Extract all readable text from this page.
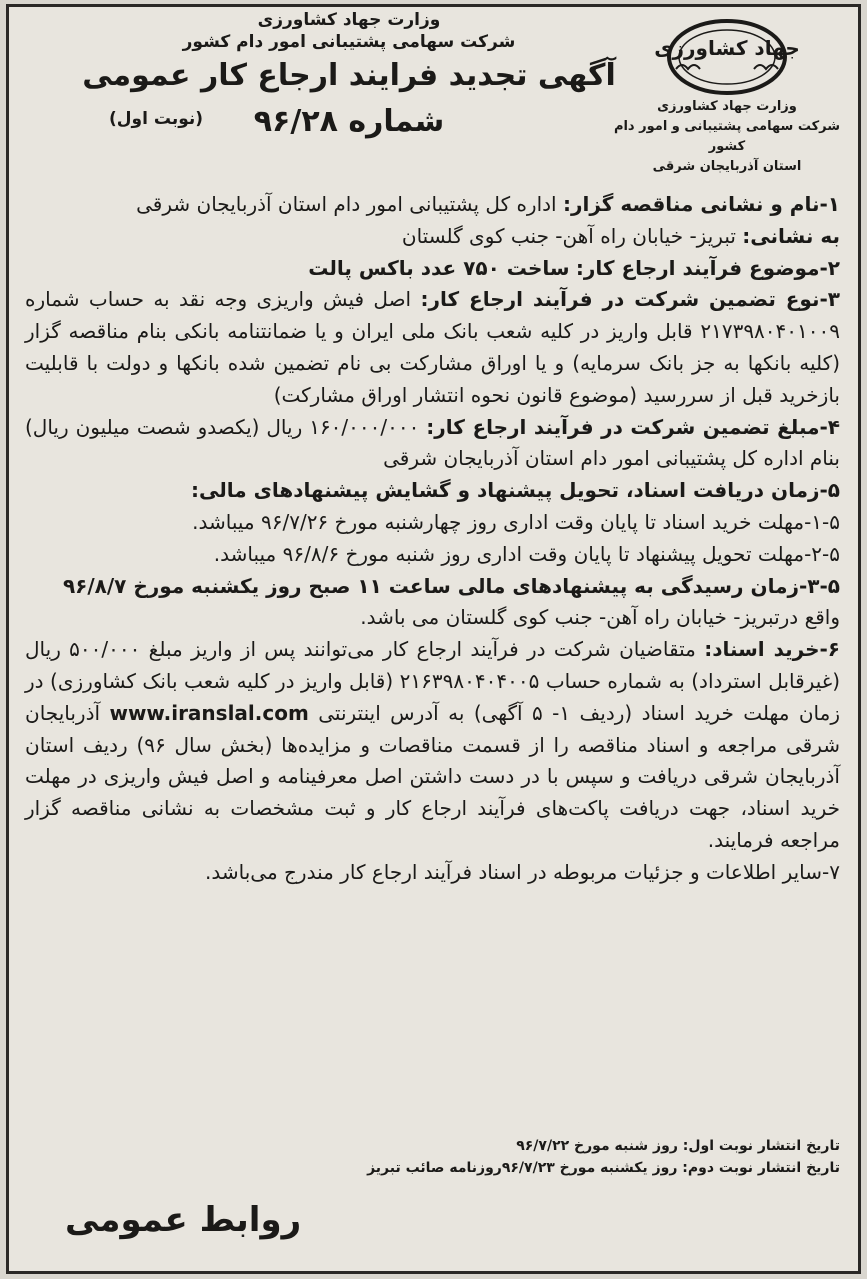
جهاد کشاورزی
وزارت جهاد کشاورزی
شرکت سهامی پشتیبانی و امور دام کشور
استان آذربایجان شرقی
وزارت جهاد کشاورزی
شرکت سهامی پشتیبانی امور دام کشور
آگهی تجدید فرایند ارجاع کار عمومی
شماره ۹۶/۲۸
(نوبت اول)

۱-نام و نشانی مناقصه گزار: اداره کل پشتیبانی امور دام استان آذربایجان شرقی

به نشانی: تبریز- خیابان راه آهن- جنب کوی گلستان

۲-موضوع فرآیند ارجاع کار: ساخت ۷۵۰ عدد باکس پالت

۳-نوع تضمین شرکت در فرآیند ارجاع کار: اصل فیش واریزی وجه نقد به حساب شماره ۲۱۷۳۹۸۰۴۰۱۰۰۹ قابل واریز در کلیه شعب بانک ملی ایران و یا ضمانتنامه بانکی بنام مناقصه گزار (کلیه بانکها به جز بانک سرمایه) و یا اوراق مشارکت بی نام تضمین شده بانکها و دولت با قابلیت بازخرید قبل از سررسید (موضوع قانون نحوه انتشار اوراق مشارکت)

۴-مبلغ تضمین شرکت در فرآیند ارجاع کار: ۱۶۰/۰۰۰/۰۰۰ ریال (یکصدو شصت میلیون ریال) بنام اداره کل پشتیبانی امور دام استان آذربایجان شرقی

۵-زمان دریافت اسناد، تحویل پیشنهاد و گشایش پیشنهادهای مالی:

۱-۵-مهلت خرید اسناد تا پایان وقت اداری روز چهارشنبه مورخ ۹۶/۷/۲۶ میباشد.

۲-۵-مهلت تحویل پیشنهاد تا پایان وقت اداری روز شنبه مورخ ۹۶/۸/۶ میباشد.

۳-۵-زمان رسیدگی به پیشنهادهای مالی ساعت ۱۱ صبح روز یکشنبه مورخ ۹۶/۸/۷

واقع درتبریز- خیابان راه آهن- جنب کوی گلستان می باشد.

۶-خرید اسناد: متقاضیان شرکت در فرآیند ارجاع کار می‌توانند پس از واریز مبلغ ۵۰۰/۰۰۰ ریال (غیرقابل استرداد) به شماره حساب ۲۱۶۳۹۸۰۴۰۴۰۰۵ (قابل واریز در کلیه شعب بانک کشاورزی) در زمان مهلت خرید اسناد (ردیف ۱- ۵ آگهی) به آدرس اینترنتی www.iranslal.com آذربایجان شرقی مراجعه و اسناد مناقصه را از قسمت مناقصات و مزایده‌ها (بخش سال ۹۶) ردیف استان آذربایجان شرقی دریافت و سپس با در دست داشتن اصل معرفینامه و اصل فیش واریزی در مهلت خرید اسناد، جهت دریافت پاکت‌های فرآیند ارجاع کار و ثبت مشخصات به نشانی مناقصه گزار مراجعه فرمایند.

۷-سایر اطلاعات و جزئیات مربوطه در اسناد فرآیند ارجاع کار مندرج می‌باشد.

تاریخ انتشار نوبت اول: روز شنبه مورخ ۹۶/۷/۲۲
تاریخ انتشار نوبت دوم: روز یکشنبه مورخ ۹۶/۷/۲۳روزنامه صائب تبریز
روابط عمومی
